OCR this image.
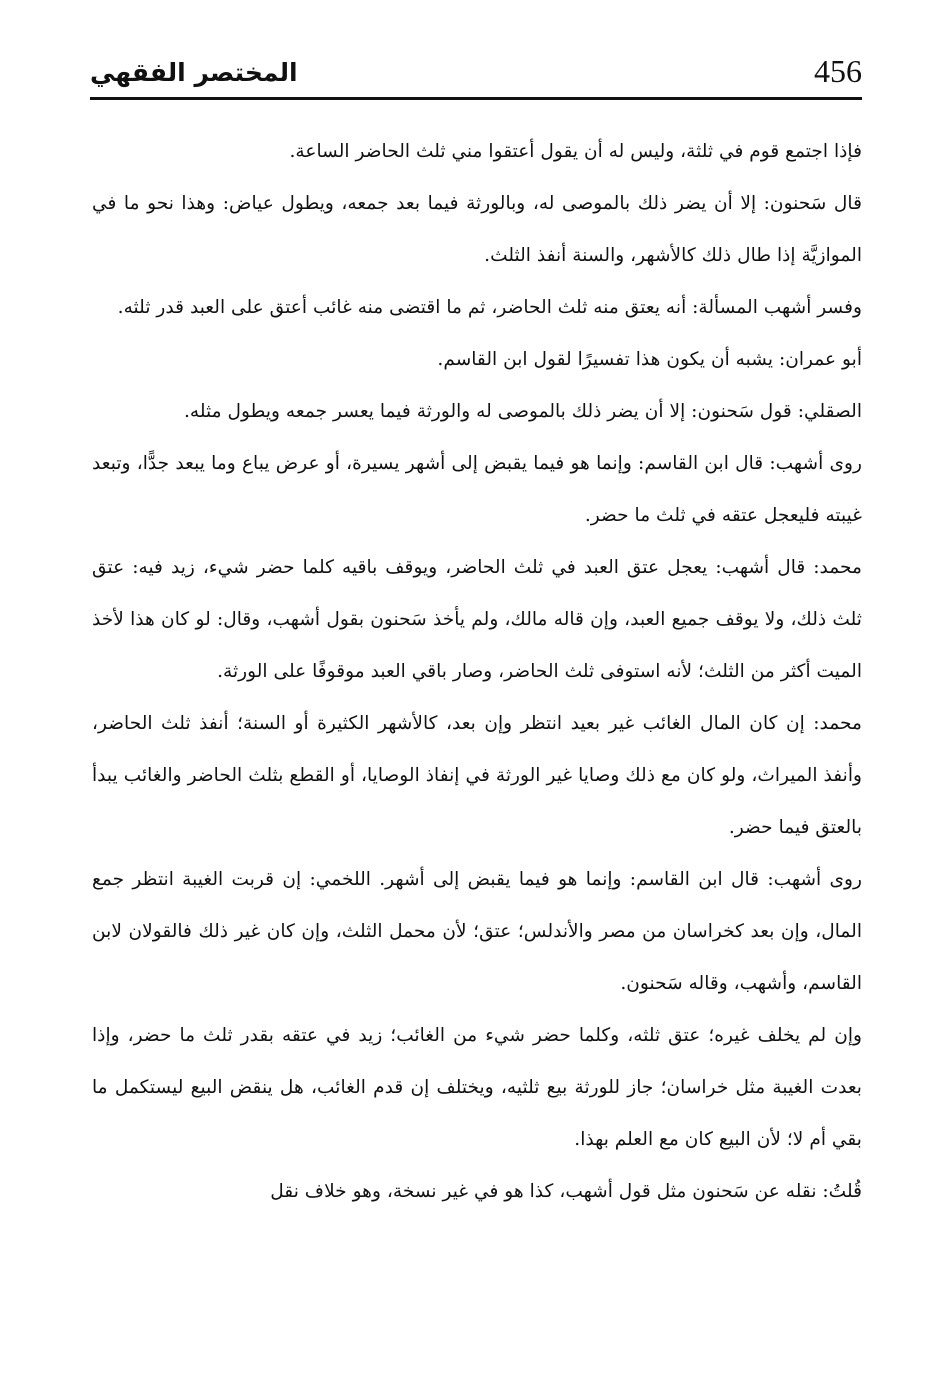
المختصر الفقهي	456

فإذا اجتمع قوم في ثلثة، وليس له أن يقول أعتقوا مني ثلث الحاضر الساعة.

قال سَحنون: إلا أن يضر ذلك بالموصى له، وبالورثة فيما بعد جمعه، ويطول عياض: وهذا نحو ما في الموازيَّة إذا طال ذلك كالأشهر، والسنة أنفذ الثلث.

وفسر أشهب المسألة: أنه يعتق منه ثلث الحاضر، ثم ما اقتضى منه غائب أعتق على العبد قدر ثلثه.

أبو عمران: يشبه أن يكون هذا تفسيرًا لقول ابن القاسم.

الصقلي: قول سَحنون: إلا أن يضر ذلك بالموصى له والورثة فيما يعسر جمعه ويطول مثله.

روى أشهب: قال ابن القاسم: وإنما هو فيما يقبض إلى أشهر يسيرة، أو عرض يباع وما يبعد جدًّا، وتبعد غيبته فليعجل عتقه في ثلث ما حضر.

محمد: قال أشهب: يعجل عتق العبد في ثلث الحاضر، ويوقف باقيه كلما حضر شيء، زيد فيه: عتق ثلث ذلك، ولا يوقف جميع العبد، وإن قاله مالك، ولم يأخذ سَحنون بقول أشهب، وقال: لو كان هذا لأخذ الميت أكثر من الثلث؛ لأنه استوفى ثلث الحاضر، وصار باقي العبد موقوفًا على الورثة.

محمد: إن كان المال الغائب غير بعيد انتظر وإن بعد، كالأشهر الكثيرة أو السنة؛ أنفذ ثلث الحاضر، وأنفذ الميراث، ولو كان مع ذلك وصايا غير الورثة في إنفاذ الوصايا، أو القطع بثلث الحاضر والغائب يبدأ بالعتق فيما حضر.

روى أشهب: قال ابن القاسم: وإنما هو فيما يقبض إلى أشهر. اللخمي: إن قربت الغيبة انتظر جمع المال، وإن بعد كخراسان من مصر والأندلس؛ عتق؛ لأن محمل الثلث، وإن كان غير ذلك فالقولان لابن القاسم، وأشهب، وقاله سَحنون.

وإن لم يخلف غيره؛ عتق ثلثه، وكلما حضر شيء من الغائب؛ زيد في عتقه بقدر ثلث ما حضر، وإذا بعدت الغيبة مثل خراسان؛ جاز للورثة بيع ثلثيه، ويختلف إن قدم الغائب، هل ينقض البيع ليستكمل ما بقي أم لا؛ لأن البيع كان مع العلم بهذا.

قُلتُ: نقله عن سَحنون مثل قول أشهب، كذا هو في غير نسخة، وهو خلاف نقل
